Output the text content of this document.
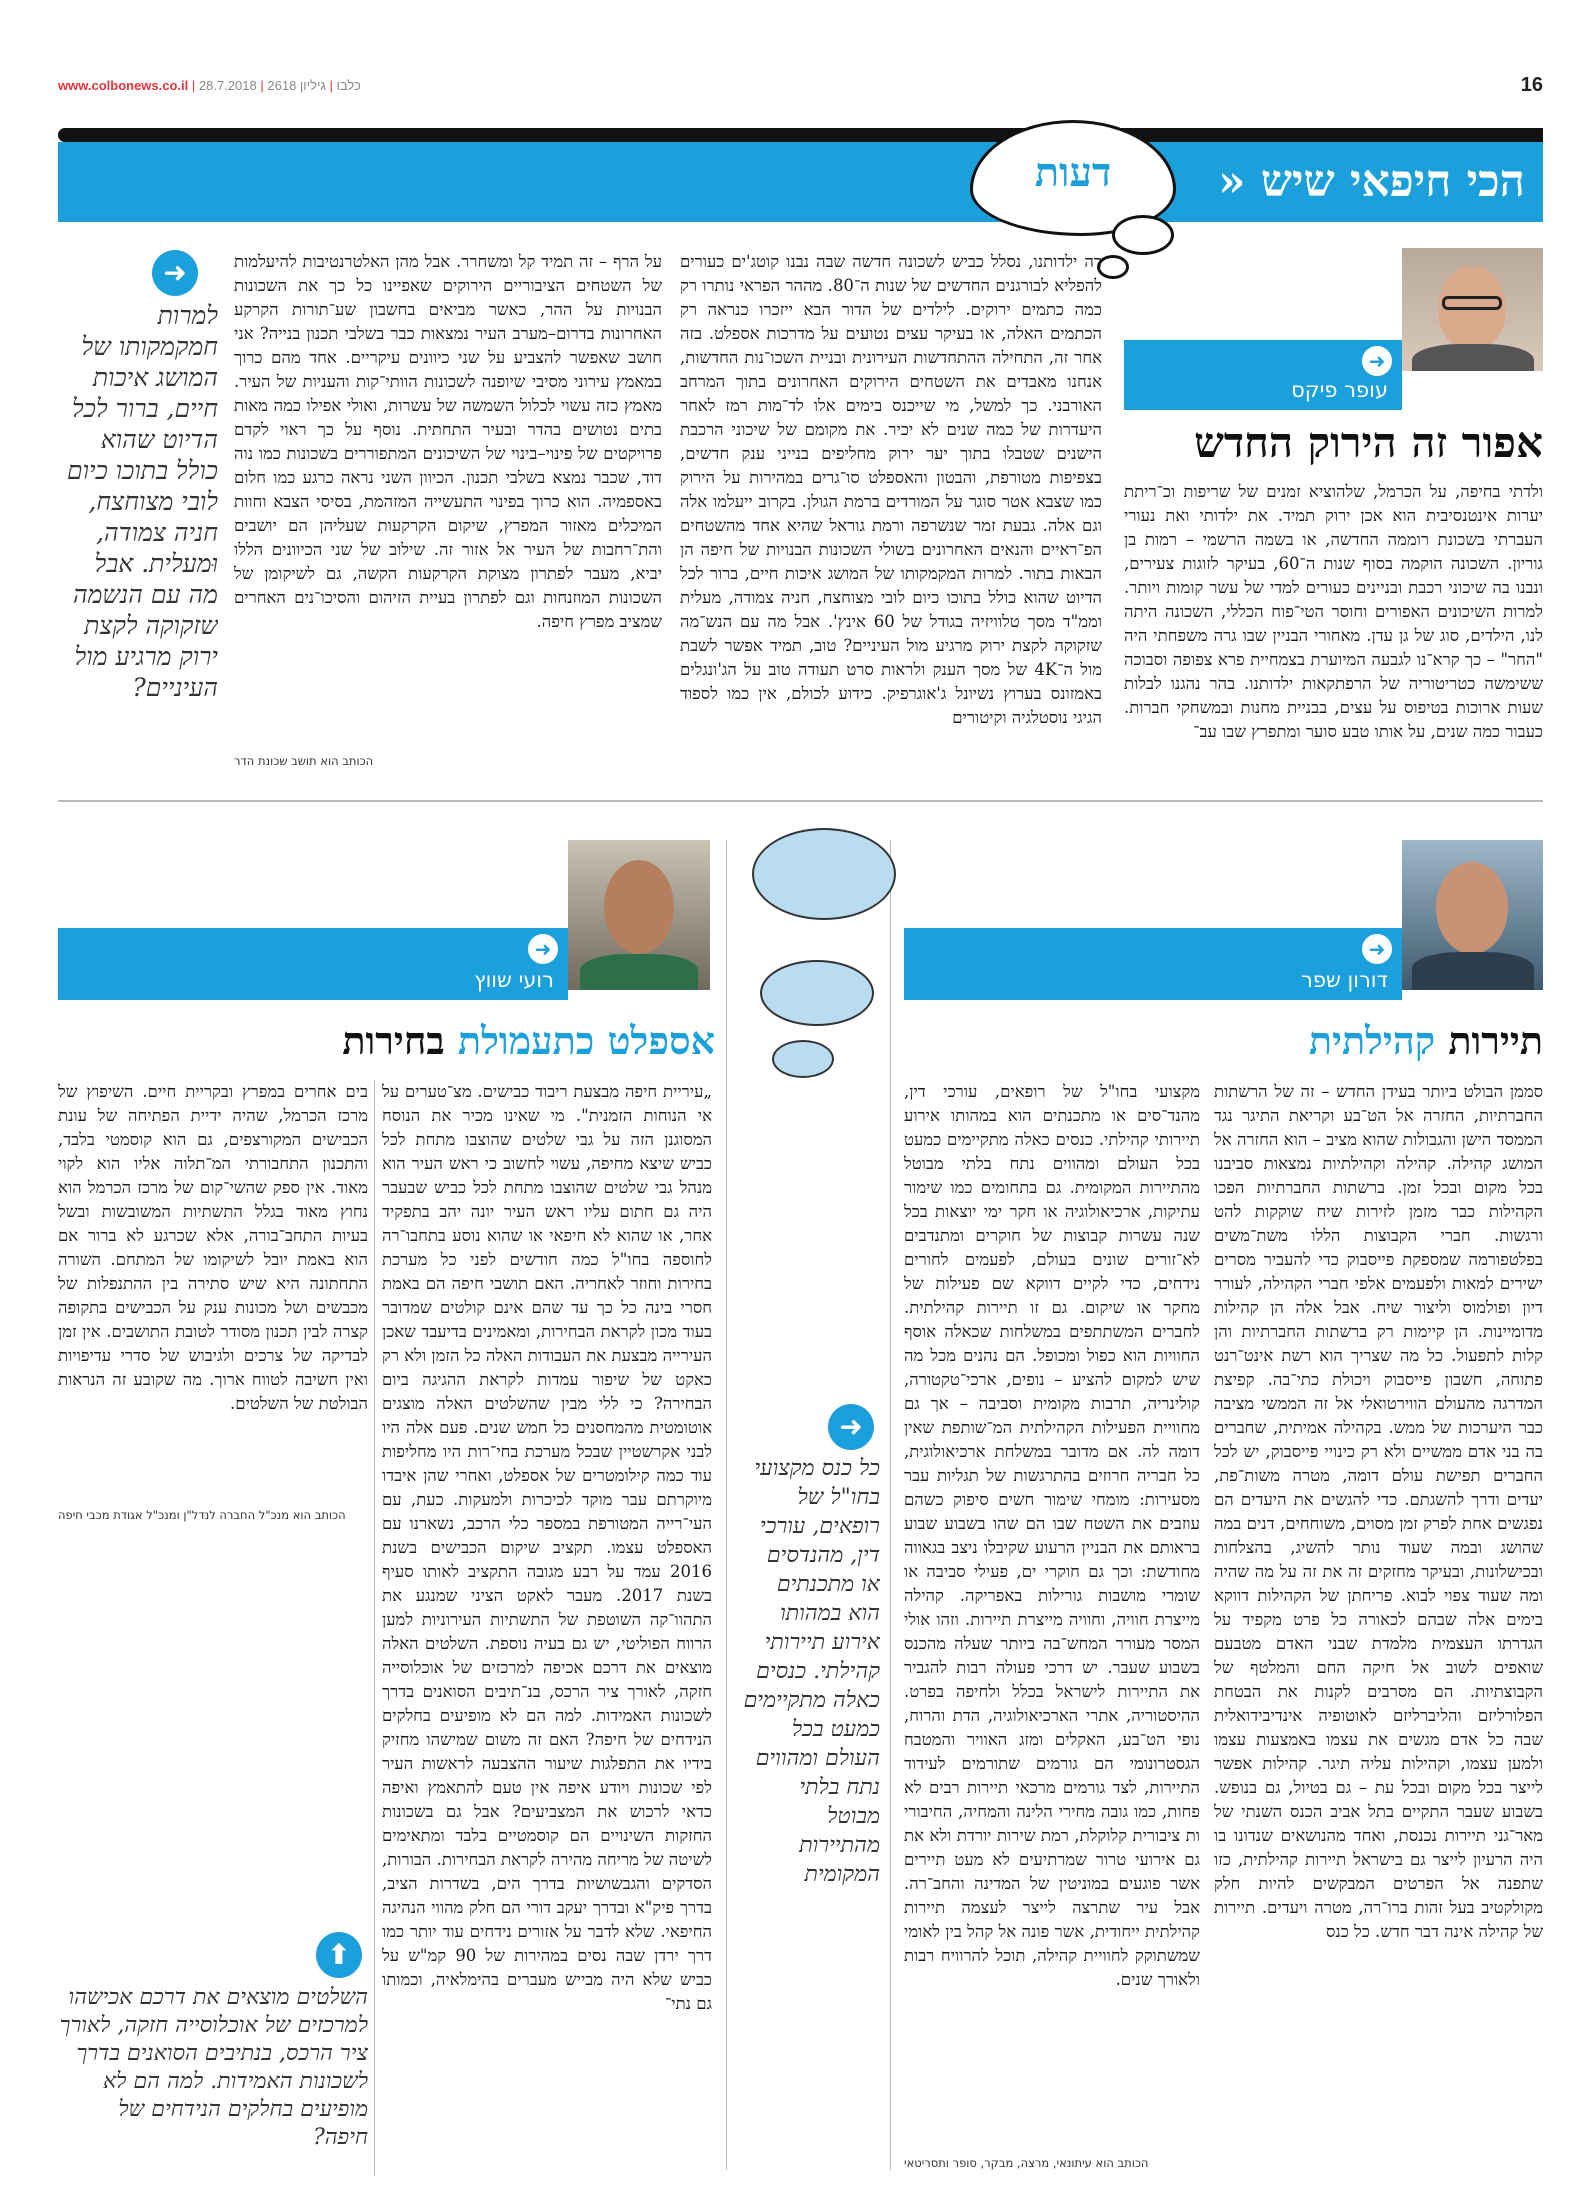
www.colbonews.co.il |	כלבו | גיליון 2618 | 28.7.2018	16
הכי חיפאי שיש «
דעות
➜
עופר פיקס
אפור זה הירוק החדש
ולדתי בחיפה, על הכרמל, שלהוציא זמנים של שריפות וכ־ריתת יערות אינטנסיבית הוא אכן ירוק תמיד. את ילדותי ואת נעורי העברתי בשכונת רוממה החדשה, או בשמה הרשמי – רמות בן גוריון. השכונה הוקמה בסוף שנות ה־60, בעיקר לזוגות צעירים, ונבנו בה שיכוני רכבת ובניינים כעורים למדי של עשר קומות ויותר. למרות השיכונים האפורים וחוסר הטי־פוח הכללי, השכונה היתה לנו, הילדים, סוג של גן עדן. מאחורי הבניין שבו גרה משפחתי היה "החר" – כך קרא־נו לגבעה המיוערת בצמחיית פרא צפופה וסבוכה ששימשה כטריטוריה של הרפתקאות ילדותנו. בהר נהגנו לבלות שעות ארוכות בטיפוס על עצים, בבניית מחנות ובמשחקי חברות. כעבור כמה שנים, על אותו טבע סוער ומתפרץ שבו עב־
רה ילדותנו, נסלל כביש לשכונה חדשה שבה נבנו קוטג'ים כעורים להפליא לבורגנים החדשים של שנות ה־80. מההר הפראי נותרו רק כמה כתמים ירוקים. לילדים של הדור הבא ייזכרו כנראה רק הכתמים האלה, או בעיקר עצים נטועים על מדרכות אספלט. בזה אחר זה, התחילה ההתחדשות העירונית ובניית השכו־נות החדשות, אנחנו מאבדים את השטחים הירוקים האחרונים בתוך המרחב האורבני. כך למשל, מי שייכנס בימים אלו לד־מות רמז לאחר היעדרות של כמה שנים לא יכיר. את מקומם של שיכוני הרכבת הישנים שטבלו בתוך יער ירוק מחליפים בנייני ענק חדשים, בצפיפות מטורפת, והבטון והאספלט סו־גרים במהירות על הירוק כמו שצבא אטר סוגר על המורדים ברמת הגולן. בקרוב ייעלמו אלה וגם אלה. גבעת זמר שנשרפה ורמת גוראל שהיא אחד מהשטחים הפ־ראיים והנאים האחרונים בשולי השכונות הבנויות של חיפה הן הבאות בתור. למרות המקמקותו של המושג איכות חיים, ברור לכל הדיוט שהוא כולל בתוכו כיום לובי מצוחצח, חניה צמודה, מעלית וממ"ד מסך טלוויזיה בגודל של 60 אינץ'. אבל מה עם הנש־מה שזקוקה לקצת ירוק מרגיע מול העיניים? טוב, תמיד אפשר לשבת מול ה־4K של מסך הענק ולראות סרט תעודה טוב על הג'ונגלים באמזונס בערוץ נשיונל ג'אוגרפיק. כידוע לכולם, אין כמו לספוד הגיגי נוסטלגיה וקיטורים
על הרף – זה תמיד קל ומשחרר. אבל מהן האלטרנטיבות להיעלמות של השטחים הציבוריים הירוקים שאפיינו כל כך את השכונות הבנויות על ההר, כאשר מביאים בחשבון שע־תורות הקרקע האחרונות בדרום–מערב העיר נמצאות כבר בשלבי תכנון בנייה? אני חושב שאפשר להצביע על שני כיוונים עיקריים. אחד מהם כרוך במאמץ עירוני מסיבי שיופנה לשכונות הוותי־קות והעניות של העיר. מאמץ כזה עשוי לכלול השמשה של עשרות, ואולי אפילו כמה מאות בתים נטושים בהדר ובעיר התחתית. נוסף על כך ראוי לקדם פרויקטים של פינוי–בינוי של השיכונים המתפוררים בשכונות כמו נוה דוד, שכבר נמצא בשלבי תכנון. הכיוון השני נראה כרגע כמו חלום באספמיה. הוא כרוך בפינוי התעשייה המזהמת, בסיסי הצבא וחוות המיכלים מאזור המפרץ, שיקום הקרקעות שעליהן הם יושבים והת־רחבות של העיר אל אזור זה. שילוב של שני הכיוונים הללו יביא, מעבר לפתרון מצוקת הקרקעות הקשה, גם לשיקומן של השכונות המוזנחות וגם לפתרון בעיית הזיהום והסיכו־נים האחרים שמציב מפרץ חיפה.
הכותב הוא תושב שכונת הדר
➜
למרות חמקמקותו של המושג איכות חיים, ברור לכל הדיוט שהוא כולל בתוכו כיום לובי מצוחצח, חניה צמודה, וּמעלית. אבל מה עם הנשמה שזקוקה לקצת ירוק מרגיע מול העיניים?
➜
דורון שפר
תיירות קהילתית
סממן הבולט ביותר בעידן החדש – זה של הרשתות החברתיות, החזרה אל הט־בע וקריאת התיגר נגד הממסד הישן והגבולות שהוא מציב – הוא החזרה אל המושג קהילה. קהילה וקהילתיות נמצאות סביבנו בכל מקום ובכל זמן. ברשתות החברתיות הפכו הקהילות כבר מזמן לזירות שיח שוקקות להט ורגשות. חברי הקבוצות הללו משת־משים בפלטפורמה שמספקת פייסבוק כדי להעביר מסרים ישירים למאות ולפעמים אלפי חברי הקהילה, לעורר דיון ופולמוס וליצור שיח. אבל אלה הן קהילות מדומיינות. הן קיימות רק ברשתות החברתיות והן קלות לתפעול. כל מה שצריך הוא רשת אינט־רנט פתוחה, חשבון פייסבוק ויכולת כתי־בה. קפיצת המדרגה מהעולם הווירטואלי אל זה הממשי מציבה כבר היערכות של ממש. בקהילה אמיתית, שחברים בה בני אדם ממשיים ולא רק כינויי פייסבוק, יש לכל החברים תפישת עולם דומה, מטרה משות־פת, יעדים ודרך להשגתם. כדי להגשים את היעדים הם נפגשים אחת לפרק זמן מסוים, משוחחים, דנים במה שהושג ובמה שעוד נותר להשיג, בהצלחות ובכישלונות, ובעיקר מחזקים זה את זה על מה שהיה ומה שעוד צפוי לבוא. פריחתן של הקהילות דווקא בימים אלה שבהם לכאורה כל פרט מקפיד על הגדרתו העצמית מלמדת שבני האדם מטבעם שואפים לשוב אל חיקה החם והמלטף של הקבוצתיות. הם מסרבים לקנות את הבטחת הפלורליזם והליברליזם לאוטופיה אינדיבידואלית שבה כל אדם מגשים את עצמו באמצעות עצמו ולמען עצמו, וקהילות עליה תיגר. קהילות אפשר לייצר בכל מקום ובכל עת – גם בטיול, גם בנופש. בשבוע שעבר התקיים בתל אביב הכנס השנתי של מאר־גני תיירות נכנסת, ואחד מהנושאים שנדונו בו היה הרעיון לייצר גם בישראל תיירות קהילתית, כזו שתפנה אל הפרטים המבקשים להיות חלק מקולקטיב בעל זהות ברו־רה, מטרה ויעדים. תיירות של קהילה אינה דבר חדש. כל כנס
מקצועי בחו"ל של רופאים, עורכי דין, מהנד־סים או מתכנתים הוא במהותו אירוע תיירותי קהילתי. כנסים כאלה מתקיימים כמעט בכל העולם ומהווים נתח בלתי מבוטל מהתיירות המקומית. גם בתחומים כמו שימור עתיקות, ארכיאולוגיה או חקר ימי יוצאות בכל שנה עשרות קבוצות של חוקרים ומתנדבים לא־זורים שונים בעולם, לפעמים לחורים נידחים, כדי לקיים דווקא שם פעילות של מחקר או שיקום. גם זו תיירות קהילתית. לחברים המשתתפים במשלחות שכאלה אוסף החוויות הוא כפול ומכופל. הם נהנים מכל מה שיש למקום להציע – נופים, ארכי־טקטורה, קולינריה, תרבות מקומית וסביבה – אך גם מחוויית הפעילות הקהילתית המ־שותפת שאין דומה לה. אם מדובר במשלחת ארכיאולוגית, כל חבריה חרוזים בהתרגשות של תגליות עבר מסעירות: מומחי שימור חשים סיפוק כשהם עוזבים את השטח שבו הם שהו בשבוע שבוע בראותם את הבניין הרעוע שקיבלו ניצב בגאווה מחודשת: וכך גם חוקרי ים, פעילי סביבה או שומרי מושבות גורילות באפריקה. קהילה מייצרת חוויה, וחוויה מייצרת תיירות. וזהו אולי המסר מעורר המחש־בה ביותר שעלה מהכנס בשבוע שעבר. יש דרכי פעולה רבות להגביר את התיירות לישראל בכלל ולחיפה בפרט. ההיסטוריה, אתרי הארכיאולוגיה, הדת והרוח, נופי הט־בע, האקלים ומזג האוויר והמטבח הגסטרונומי הם גורמים שתורמים לעידוד התיירות, לצד גורמים מרכאי תיירות רבים לא פחות, כמו גובה מחירי הלינה והמחיה, החיבורי ות ציבורית קלוקלת, רמת שירות יורדת ולא את גם אירועי טרור שמרתיעים לא מעט תיירים אשר פוגעים במוניטין של המדינה והחב־רה. אבל עיר שתרצה לייצר לעצמה תיירות קהילתית ייחודית, אשר פונה אל קהל בין לאומי שמשתוקק לחוויית קהילה, תוכל להרוויח רבות ולאורך שנים.
הכותב הוא עיתונאי, מרצה, מבקר, סופר ותסריטאי
➜
כל כנס מקצועי בחו"ל של רופאים, עורכי דין, מהנדסים או מתכנתים הוא במהותו אירוע תיירותי קהילתי. כנסים כאלה מתקיימים כמעט בכל העולם ומהווים נתח בלתי מבוטל מהתיירות המקומית
➜
רועי שווץ
אספלט כתעמולת בחירות
„עיריית חיפה מבצעת ריבוד כבישים. מצ־טערים על אי הנוחות הזמנית". מי שאינו מכיר את הנוסח המסוגנן הזה על גבי שלטים שהוצבו מתחת לכל כביש שיצא מחיפה, עשוי לחשוב כי ראש העיר הוא מנהל גבי שלטים שהוצבו מתחת לכל כביש שבעבר היה גם חתום עליו ראש העיר יונה יהב בתפקיד אחר, או שהוא לא חיפאי או שהוא נוסע בתחבו־רה לחוספה בחו"ל כמה חודשים לפני כל מערכת בחירות וחוזר לאחריה. האם תושבי חיפה הם באמת חסרי בינה כל כך עד שהם אינם קולטים שמדובר בעוד מכון לקראת הבחירות, ומאמינים בדיעבד שאכן העירייה מבצעת את העבודות האלה כל הזמן ולא רק כאקט של שיפור עמדות לקראת ההגיגה ביום הבחירה? כי ללי מבין שהשלטים האלה מוצגים אוטומטית מהמחסנים כל חמש שנים. פעם אלה היו לבני אקרשטיין שבכל מערכת בחי־רות היו מחליפות עוד כמה קילומטרים של אספלט, ואחרי שהן איבדו מיוקרתם עבר מוקד לכיכרות ולמעקות. כעת, עם העי־רייה המטורפת במספר כלי הרכב, נשארנו עם האספלט עצמו. תקציב שיקום הכבישים בשנת 2016 עמד על רבע מגובה התקציב לאותו סעיף בשנת 2017. מעבר לאקט הציני שמנגע את התהוו־קה השוטפת של התשתיות העירוניות למען הרווח הפוליטי, יש גם בעיה נוספת. השלטים האלה מוצאים את דרכם אכיפה למרכזים של אוכלוסייה חזקה, לאורך ציר הרכס, בנ־תיבים הסואנים בדרך לשכונות האמידות. למה הם לא מופיעים בחלקים הנידחים של חיפה? האם זה משום שמישהו מחזיק בידיו את התפלגות שיעור ההצבעה לראשות העיר לפי שכונות ויודע איפה אין טעם להתאמץ ואיפה כדאי לרכוש את המצביעים? אבל גם בשכונות החזקות השינויים הם קוסמטיים בלבד ומתאימים לשיטה של מריחה מהירה לקראת הבחירות. הבורות, הסדקים והגבשושיות בדרך הים, בשדרות הציב, בדרך פיק"א ובדרך יעקב דורי הם חלק מהווי הנהיגה החיפאי. שלא לדבר על אזורים נידחים עוד יותר כמו דרך ירדן שבה נסים במהירות של 90 קמ"ש על כביש שלא היה מבייש מעברים בהימלאיה, וכמותו גם נתי־
בים אחרים במפרץ ובקריית חיים. השיפוץ של מרכז הכרמל, שהיה ידיית הפתיחה של עונת הכבישים המקורצפים, גם הוא קוסמטי בלבד, והתכנון התחבורתי המ־תלוה אליו הוא לקוי מאוד. אין ספק שהשי־קום של מרכז הכרמל הוא נחוץ מאוד בגלל התשתיות המשובשות ובשל בעיות התחב־בורה, אלא שכרגע לא ברור אם הוא באמת יובל לשיקומו של המתחם. השורה התחתונה היא שיש סתירה בין ההתנפלות של מכבשים ושל מכונות ענק על הכבישים בתקופה קצרה לבין תכנון מסודר לטובת התושבים. אין זמן לבדיקה של צרכים ולגיבוש של סדרי עדיפויות ואין חשיבה לטווח ארוך. מה שקובע זה הנראות הבולטת של השלטים.
הכותב הוא מנכ"ל החברה לנדל"ן ומנכ"ל אגודת מכבי חיפה
⬆
השלטים מוצאים את דרכם אכישהו למרכזים של אוכלוסייה חזקה, לאורך ציר הרכס, בנתיבים הסואנים בדרך לשכונות האמידות. למה הם לא מופיעים בחלקים הנידחים של חיפה?
